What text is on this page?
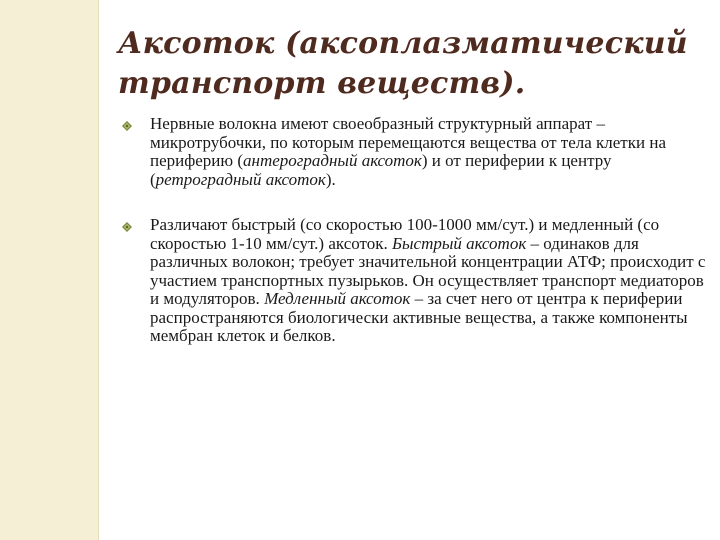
Аксоток (аксоплазматический
транспорт веществ).
Нервные волокна имеют своеобразный структурный аппарат – микротрубочки, по которым перемещаются вещества от тела клетки на периферию (антероградный аксоток) и от периферии к центру (ретроградный аксоток).
Различают быстрый (со скоростью 100-1000 мм/сут.) и медленный (со скоростью 1-10 мм/сут.) аксоток. Быстрый аксоток – одинаков для различных волокон; требует значительной концентрации АТФ; происходит с участием транспортных пузырьков. Он осуществляет транспорт медиаторов и модуляторов. Медленный аксоток – за счет него от центра к периферии распространяются биологически активные вещества, а также компоненты мембран клеток и белков.
